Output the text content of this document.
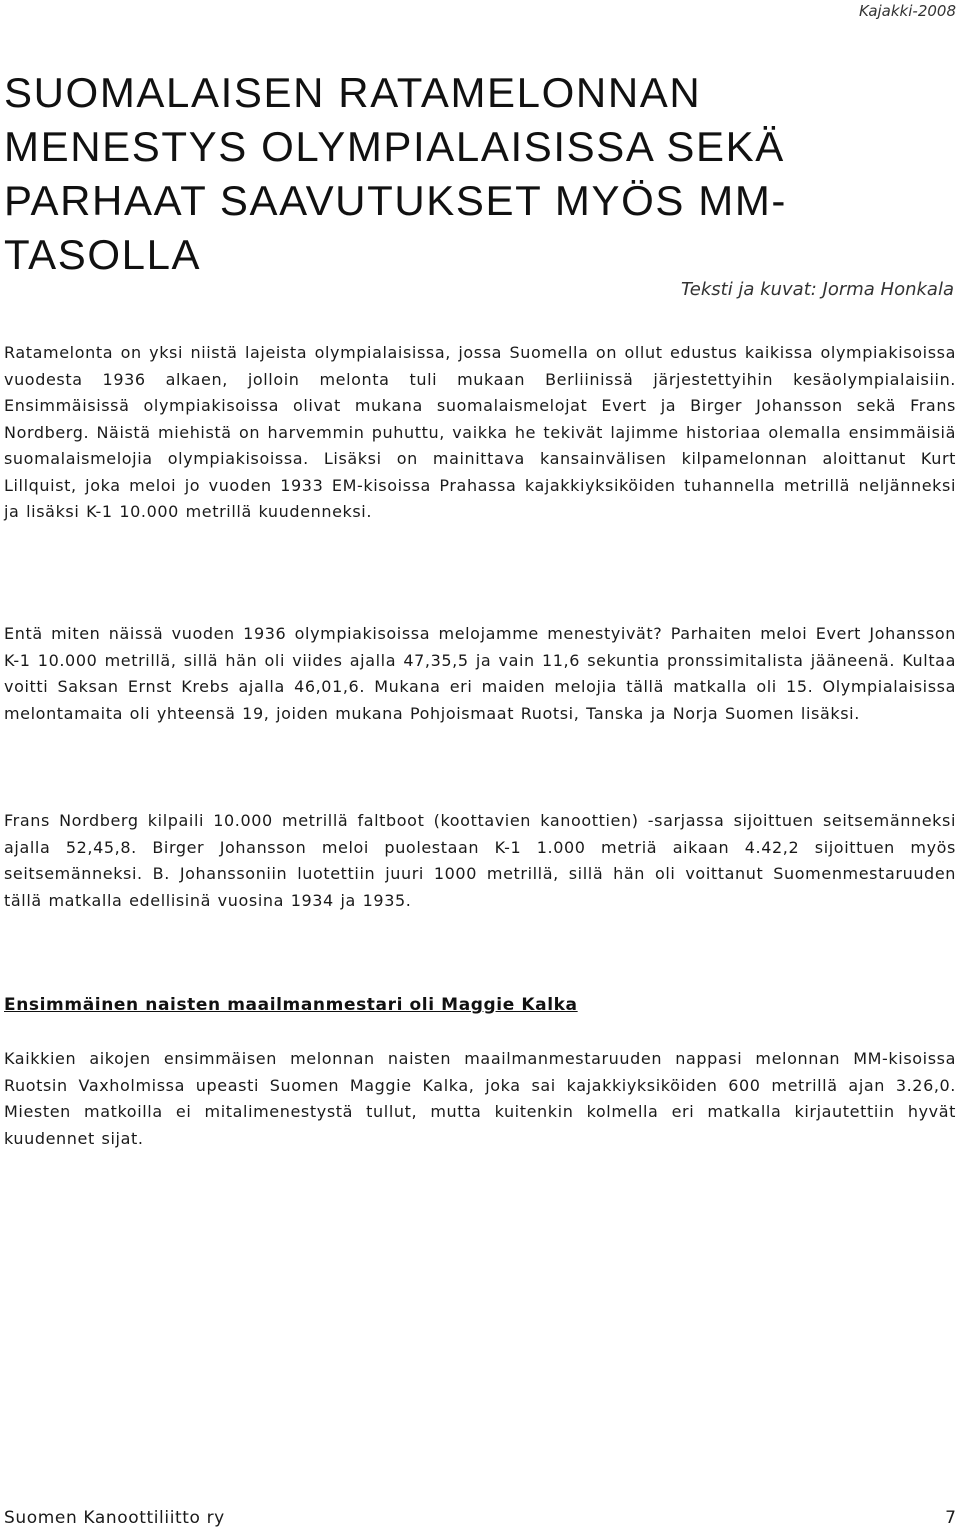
Kajakki-2008
SUOMALAISEN RATAMELONNAN MENESTYS OLYMPIALAISISSA SEKÄ PARHAAT SAAVUTUKSET MYÖS MM-TASOLLA
Teksti ja kuvat: Jorma Honkala

Ratamelonta on yksi niistä lajeista olympialaisissa, jossa Suomella on ollut edustus kaikissa olympiakisoissa vuodesta 1936 alkaen, jolloin melonta tuli mukaan Berliinissä järjestettyihin kesäolympialaisiin. Ensimmäisissä olympiakisoissa olivat mukana suomalaismelojat Evert ja Birger Johansson sekä Frans Nordberg. Näistä miehistä on harvemmin puhuttu, vaikka he tekivät lajimme historiaa olemalla ensimmäisiä suomalaismelojia olympiakisoissa. Lisäksi on mainittava kansainvälisen kilpamelonnan aloittanut Kurt Lillquist, joka meloi jo vuoden 1933 EM-kisoissa Prahassa kajakkiyksiköiden tuhannella metrillä neljänneksi ja lisäksi K-1 10.000 metrillä kuudenneksi.

Entä miten näissä vuoden 1936 olympiakisoissa melojamme menestyivät? Parhaiten meloi Evert Johansson K-1 10.000 metrillä, sillä hän oli viides ajalla 47,35,5 ja vain 11,6 sekuntia pronssimitalista jääneenä. Kultaa voitti Saksan Ernst Krebs ajalla 46,01,6. Mukana eri maiden melojia tällä matkalla oli 15. Olympialaisissa melontamaita oli yhteensä 19, joiden mukana Pohjoismaat Ruotsi, Tanska ja Norja Suomen lisäksi.

Frans Nordberg kilpaili 10.000 metrillä faltboot (koottavien kanoottien) -sarjassa sijoittuen seitsemänneksi ajalla 52,45,8. Birger Johansson meloi puolestaan K-1 1.000 metriä aikaan 4.42,2 sijoittuen myös seitsemänneksi. B. Johanssoniin luotettiin juuri 1000 metrillä, sillä hän oli voittanut Suomenmestaruuden tällä matkalla edellisinä vuosina 1934 ja 1935.

Ensimmäinen naisten maailmanmestari oli Maggie Kalka

Kaikkien aikojen ensimmäisen melonnan naisten maailmanmestaruuden nappasi melonnan MM-kisoissa Ruotsin Vaxholmissa upeasti Suomen Maggie Kalka, joka sai kajakkiyksiköiden 600 metrillä ajan 3.26,0. Miesten matkoilla ei mitalimenestystä tullut, mutta kuitenkin kolmella eri matkalla kirjautettiin hyvät kuudennet sijat.

Suomen Kanoottiliitto ry	7
